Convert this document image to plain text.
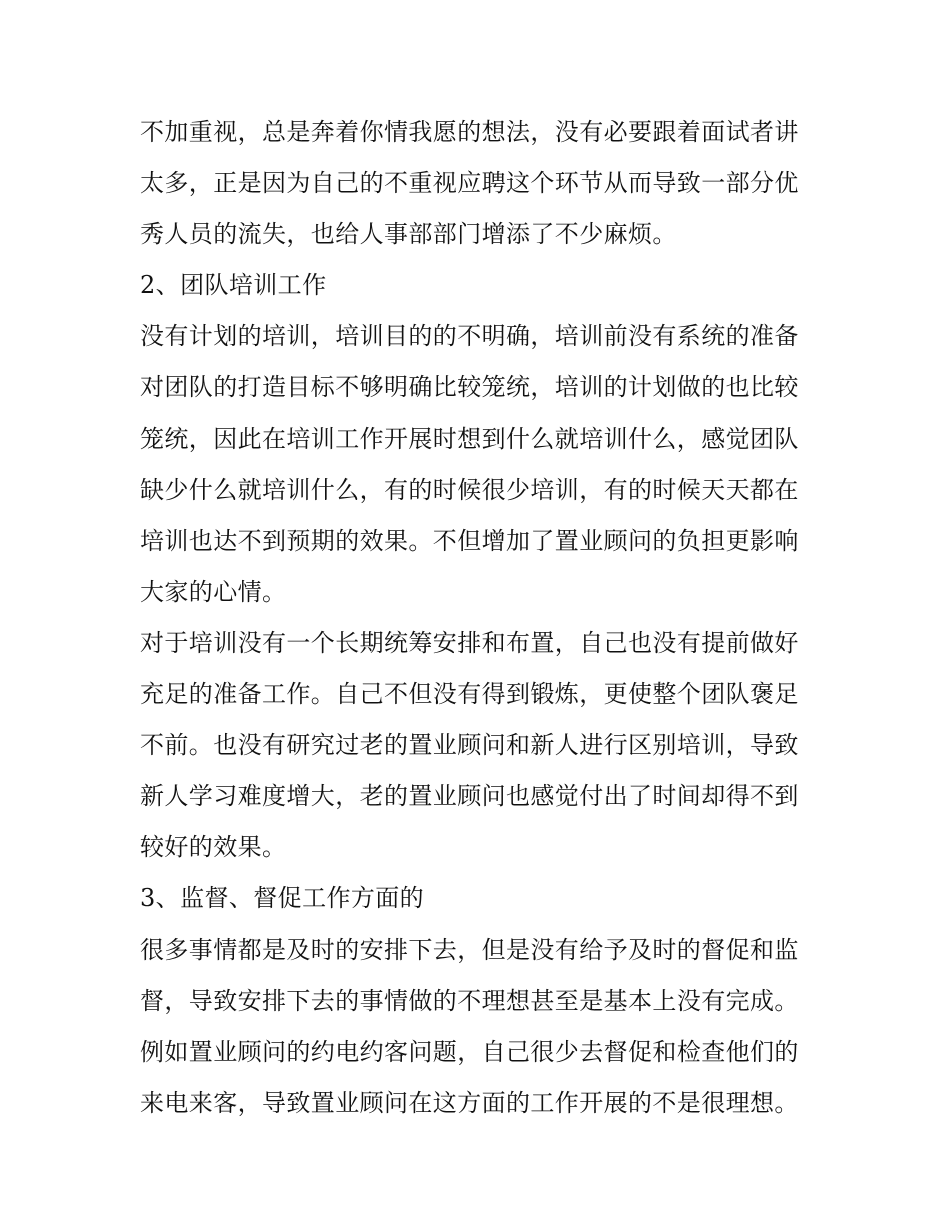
不加重视，总是奔着你情我愿的想法，没有必要跟着面试者讲
太多，正是因为自己的不重视应聘这个环节从而导致一部分优
秀人员的流失，也给人事部部门增添了不少麻烦。
2、团队培训工作
没有计划的培训，培训目的的不明确，培训前没有系统的准备
对团队的打造目标不够明确比较笼统，培训的计划做的也比较
笼统，因此在培训工作开展时想到什么就培训什么，感觉团队
缺少什么就培训什么，有的时候很少培训，有的时候天天都在
培训也达不到预期的效果。不但增加了置业顾问的负担更影响
大家的心情。
对于培训没有一个长期统筹安排和布置，自己也没有提前做好
充足的准备工作。自己不但没有得到锻炼，更使整个团队褒足
不前。也没有研究过老的置业顾问和新人进行区别培训，导致
新人学习难度增大，老的置业顾问也感觉付出了时间却得不到
较好的效果。
3、监督、督促工作方面的
很多事情都是及时的安排下去，但是没有给予及时的督促和监
督，导致安排下去的事情做的不理想甚至是基本上没有完成。
例如置业顾问的约电约客问题，自己很少去督促和检查他们的
来电来客，导致置业顾问在这方面的工作开展的不是很理想。
